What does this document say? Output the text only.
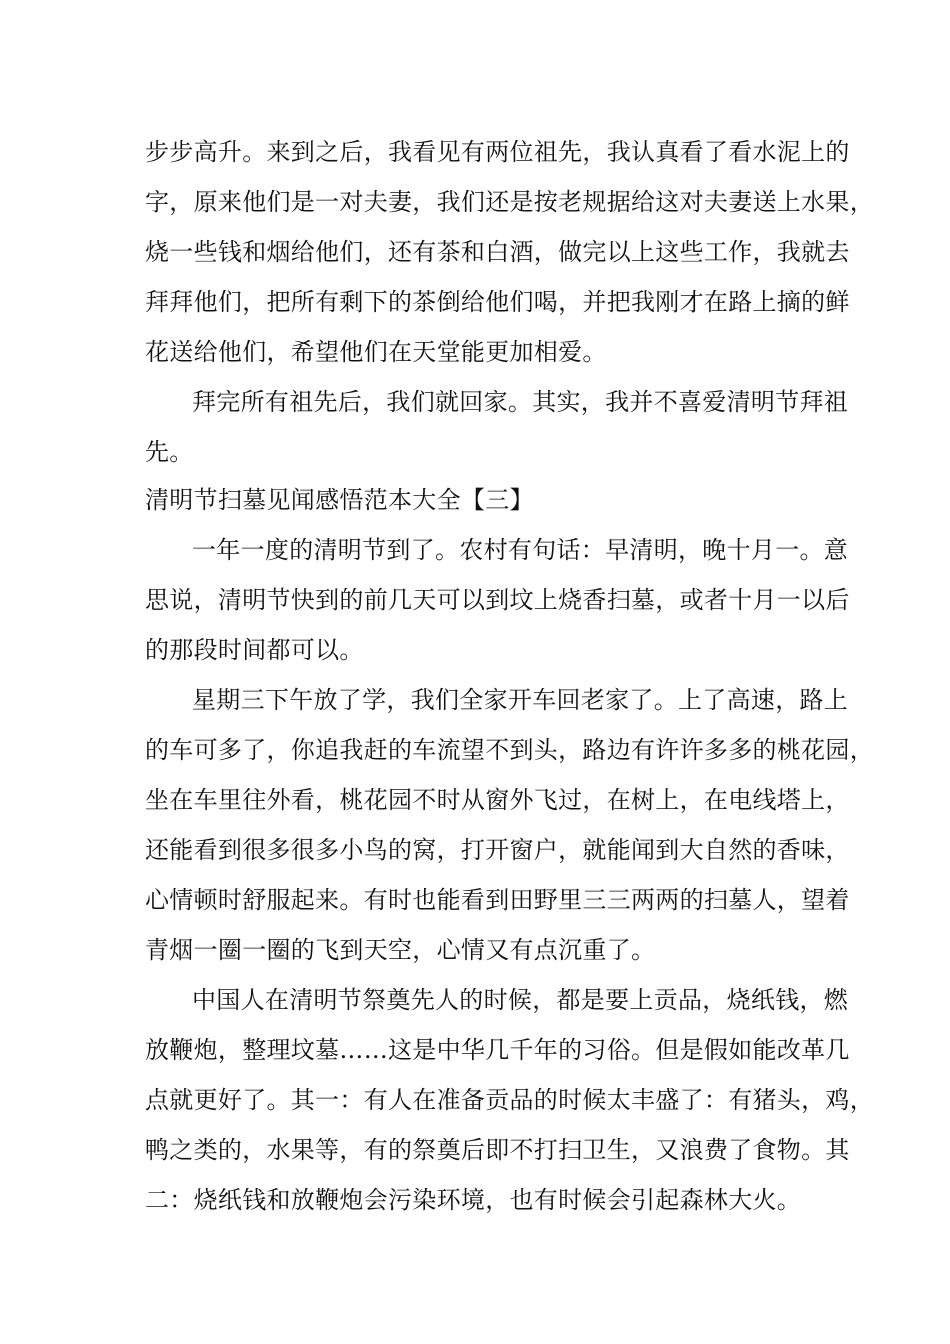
步步高升。来到之后，我看见有两位祖先，我认真看了看水泥上的
字，原来他们是一对夫妻，我们还是按老规据给这对夫妻送上水果，
烧一些钱和烟给他们，还有茶和白酒，做完以上这些工作，我就去
拜拜他们，把所有剩下的茶倒给他们喝，并把我刚才在路上摘的鲜
花送给他们，希望他们在天堂能更加相爱。
拜完所有祖先后，我们就回家。其实，我并不喜爱清明节拜祖
先。
清明节扫墓见闻感悟范本大全【三】
一年一度的清明节到了。农村有句话：早清明，晚十月一。意
思说，清明节快到的前几天可以到坟上烧香扫墓，或者十月一以后
的那段时间都可以。
星期三下午放了学，我们全家开车回老家了。上了高速，路上
的车可多了，你追我赶的车流望不到头，路边有许许多多的桃花园，
坐在车里往外看，桃花园不时从窗外飞过，在树上，在电线塔上，
还能看到很多很多小鸟的窝，打开窗户，就能闻到大自然的香味，
心情顿时舒服起来。有时也能看到田野里三三两两的扫墓人，望着
青烟一圈一圈的飞到天空，心情又有点沉重了。
中国人在清明节祭奠先人的时候，都是要上贡品，烧纸钱，燃
放鞭炮，整理坟墓……这是中华几千年的习俗。但是假如能改革几
点就更好了。其一：有人在准备贡品的时候太丰盛了：有猪头，鸡，
鸭之类的，水果等，有的祭奠后即不打扫卫生，又浪费了食物。其
二：烧纸钱和放鞭炮会污染环境，也有时候会引起森林大火。
